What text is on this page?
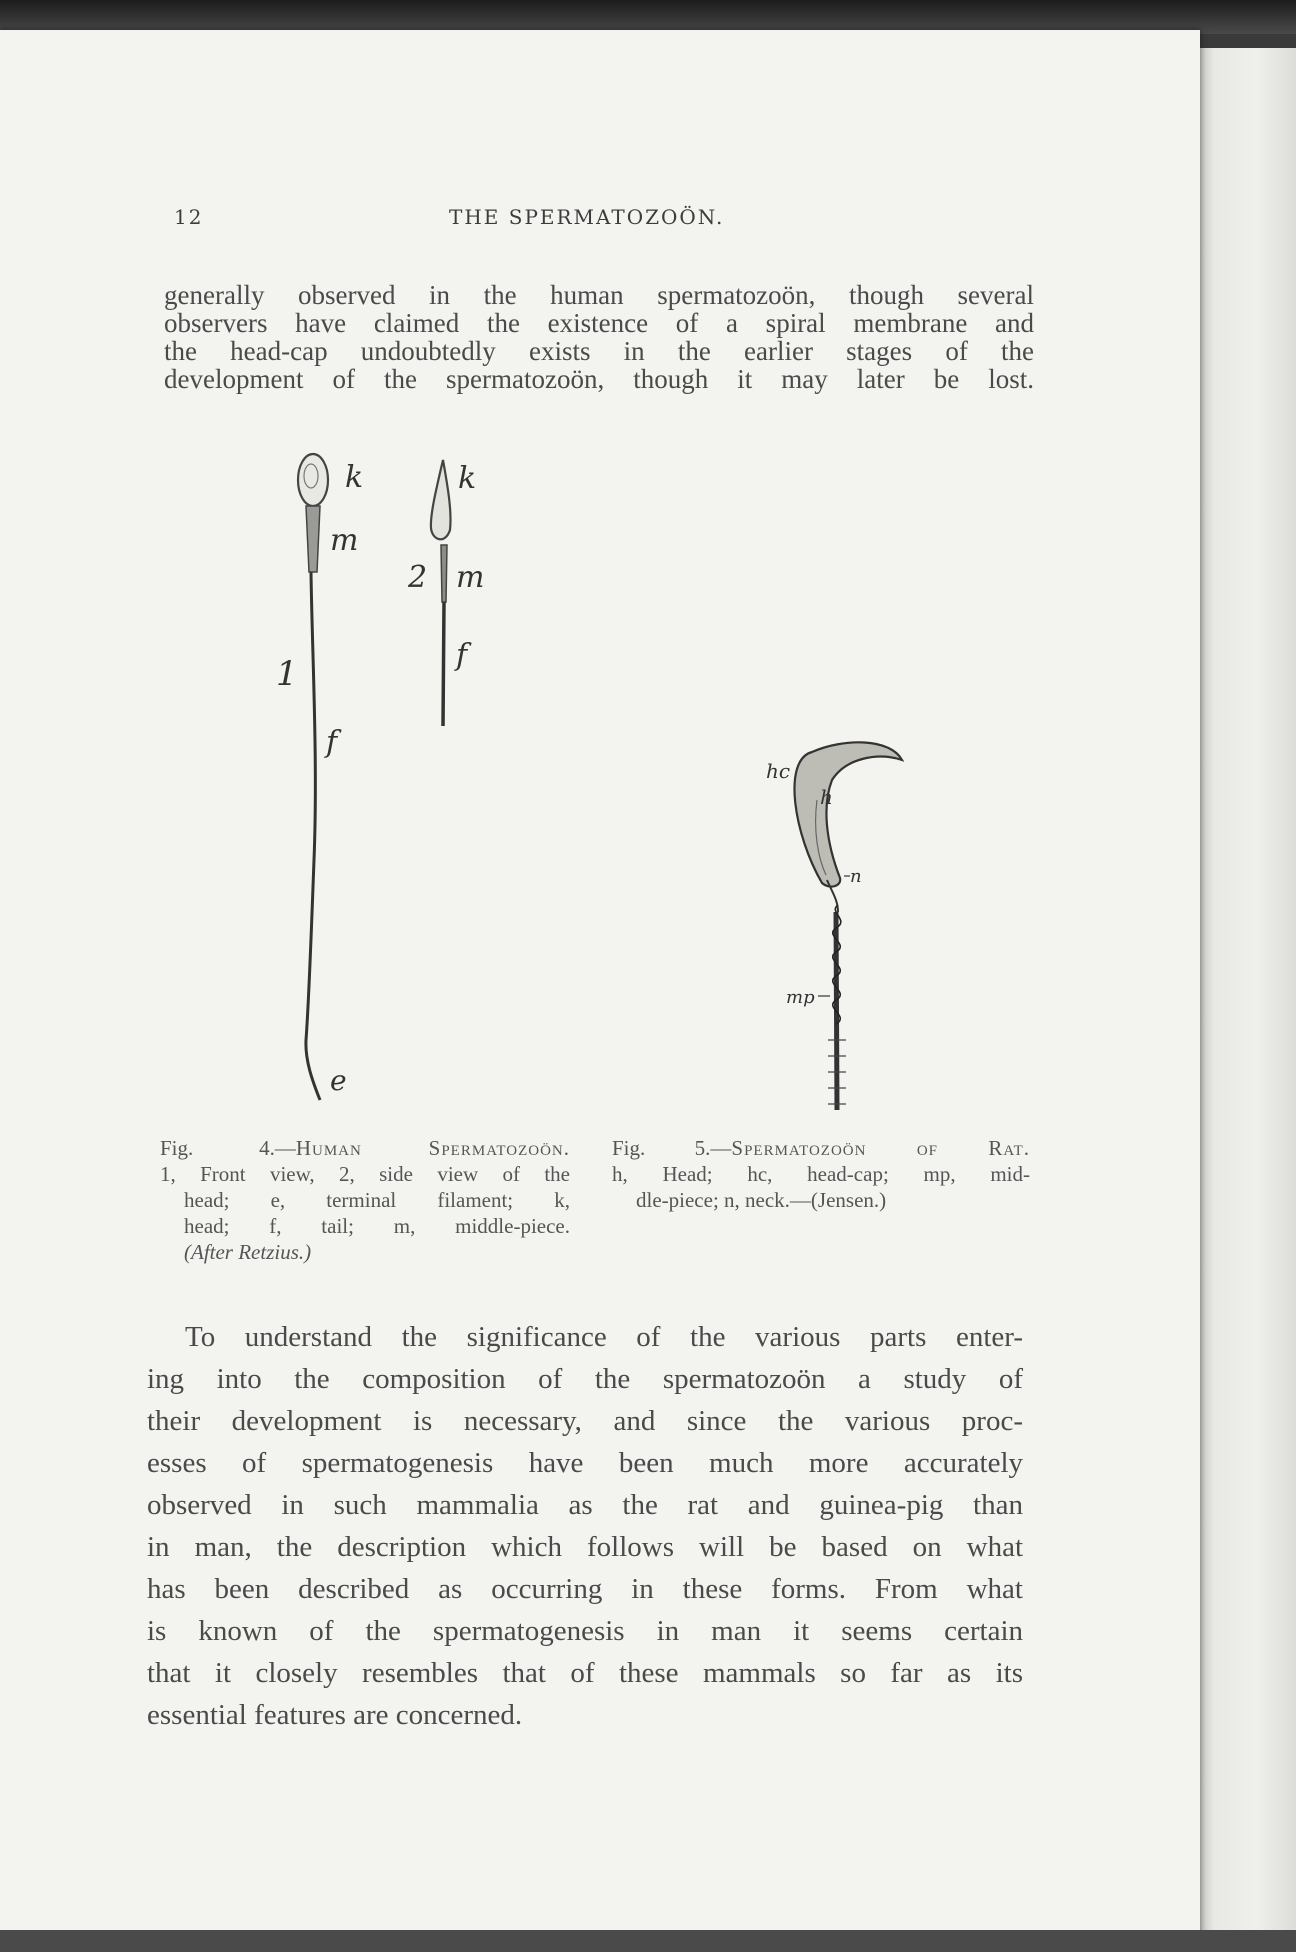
12	THE SPERMATOZOÖN.
generally observed in the human spermatozoön, though several
observers have claimed the existence of a spiral membrane and
the head-cap undoubtedly exists in the earlier stages of the
development of the spermatozoön, though it may later be lost.
k
m
1
f
e
k
2 m
f
hc
h
n
mp
Fig. 4.—Human Spermatozoön.
1, Front view, 2, side view of the
head; e, terminal filament; k,
head; f, tail; m, middle-piece.
(After Retzius.)
Fig. 5.—Spermatozoön of Rat.
h, Head; hc, head-cap; mp, mid-
dle-piece; n, neck.—(Jensen.)
To understand the significance of the various parts enter-
ing into the composition of the spermatozoön a study of
their development is necessary, and since the various proc-
esses of spermatogenesis have been much more accurately
observed in such mammalia as the rat and guinea-pig than
in man, the description which follows will be based on what
has been described as occurring in these forms. From what
is known of the spermatogenesis in man it seems certain
that it closely resembles that of these mammals so far as its
essential features are concerned.
